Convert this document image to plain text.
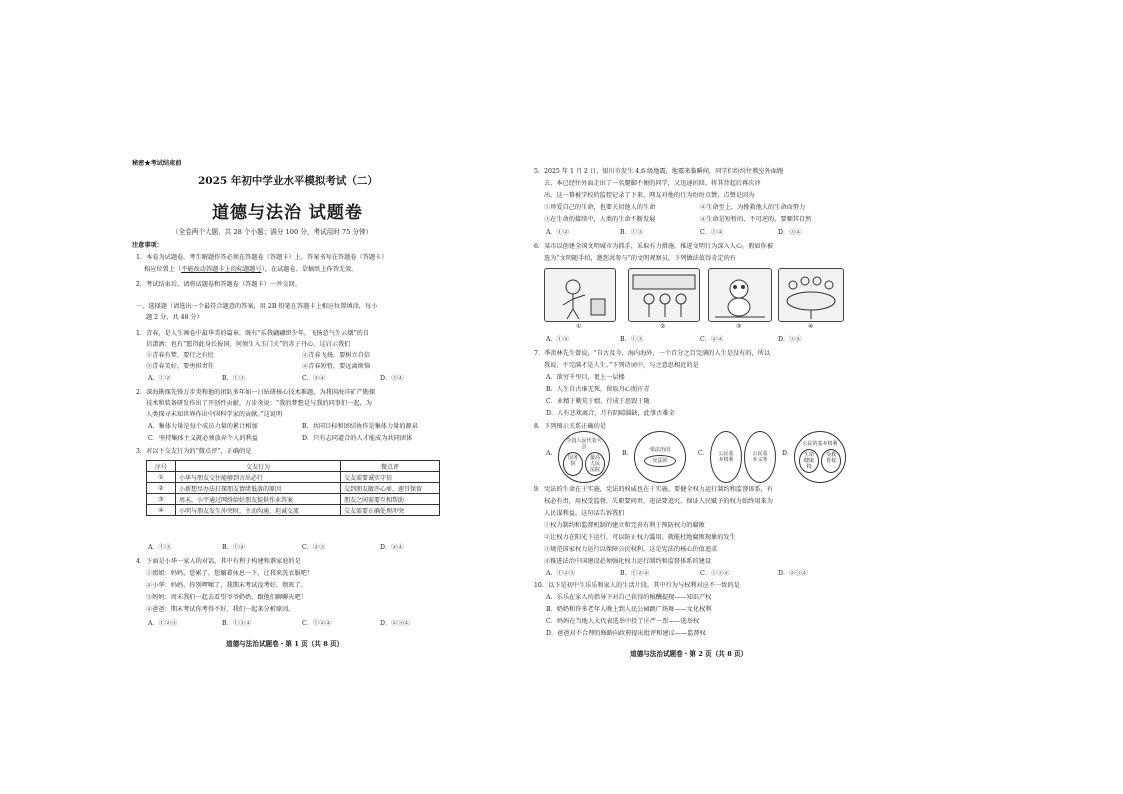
秘密★考试结束前
2025 年初中学业水平模拟考试（二）
道德与法治 试题卷
（全卷两个大题，共 28 个小题；满分 100 分，考试用时 75 分钟）
注意事项：
1．本卷为试题卷。考生解题作答必须在答题卷（答题卡）上。答案书写在答题卷（答题卡）
相应位置上（不能改动答题卡上的标题题号），在试题卷、草稿纸上作答无效。
2．考试结束后，请将试题卷和答题卷（答题卡）一并交回。
一、选择题（请选出一个最符合题意的答案，用 2B 铅笔在答题卡上相应位置填涂，每小
题 2 分，共 48 分）
1．青春，是人生画卷中最华美的篇章。既有“乐我翩翩织少年，飞扬意气生云烟”的自
信潇洒；也有“愿得此身长报国，何须生入玉门关”的赤子丹心。这启示我们
①青春有梦，要行之有肚	②青春飞扬，要树立自信
③青春美好，要勇担责任	④青春短暂，要远离烦恼
A．①②	B．①③	C．②④	D．③④
2．深海勘探先锋万步炎和他的团队多年如一日钻研核心技术难题，为我国海洋矿产勘探
技术和装备研发作出了开创性贡献。万步炎说：“我的梦想是与我的同事们一起，为
人类探寻未知世界作出中国科学家的贡献。”这说明
A．集体力量是每个成员力量的累计相加	B．共同目标和团结协作是集体力量的源泉
C．坚持集体主义就必须放弃个人的利益	D．只有志同道合的人才能成为共同团体
3．对以下交友行为的“微点评”，正确的是
序号	交友行为	微点评
①	小华与朋友交往能够到言出必行	交友需要诚实守信
②	小新想尽办法打探朋友情绪低落的原因	交到朋友敞开心扉、莲耳保留
③	周末，小宇通过网络给好朋友提供作业答案	朋友之间需要互相帮助
④	小明与朋友发生冲突时，主动沟通，坦诚交流	交友需要正确处理冲突
A．①③	B．①④	C．②③	D．②④
4．下面是小华一家人的对话，其中有利于构建和谐家庭的是
①姐姐：妈妈，您累了，您躺着休息一下，让我来洗衣服吧！
②小华：妈妈，你别啰嗦了，我期末考试没考好，烦死了。
③妈妈：周末我们一起去看望爷爷奶奶，跟他们聊聊天吧！
④爸爸：期末考试你考得不好，我们一起来分析原因。
A．①②③	B．①③④	C．①②④	D．②③④
道德与法治试题卷・第 1 页（共 8 页）
5．2025 年 1 月 2 日，银川市发生 4.6 级地震，地震来临瞬间，同学们纷纷往教室外面跑
去，本已经往外面走出了一名腿脚不便的同学，又迅速折回，将其背起后再次冲
出，这一幕被学校的监控记录了下来，网友对他的行为纷纷点赞，点赞是因为
①珍爱自己的生命，也要关切他人的生命	②生命至上，为挽救他人的生命而努力
③在生命的接续中，人类的生命不断发展	④生命是短暂的、不可逆的，要顺其自然
A．①②	B．①③	C．①④	D．③④
6．某市以创建全国文明城市为抓手，采取有力措施，推进文明行为深入人心。假如你被
选为“文明随手拍，邀您共参与”的文明观察员，下列做法值得肯定的有
①	②	③	④
A．①②	B．①③	C．②④	D．③④
7．季羡林先生曾说，“自古及今，海内海外，一个百分之百完满的人生是没有的，所以
我说，不完满才是人生。”下列诗词中，与之意思相近的是
A．欲穷千里目，更上一层楼
B．人生自古谁无死，留取丹心照汗青
C．业精于勤荒于嬉，行成于思毁于随
D．人有悲欢离合，月有阴晴圆缺，此事古难全
8．下列图示关系正确的是
A．
全国人民代表大会
国务院
最高人民法院
B．	依法治国
宪法的
C． 公民基本权利
公民基本义务
D．
公民的基本权利
生命健康权
受教育权
9．宪法的生命在于实施，宪法的权威也在于实施。要健全权力运行制约和监督体系，有
权必有责，用权受监督，失职要问责，违法要追究，保证人民赋予的权力始终用来为
人民谋利益。这句话告诉我们
①权力制约和监督机制的建立和完善有利于预防权力的腐败
②让权力在阳光下运行，可以防止权力滥用，就能杜绝腐败现象的发生
③规范国家权力运行以保障公民权利，这是宪法的核心价值追求
④推进法治中国建设必须强化权力运行制约和监督体系的建设
A．①②③	B．①②④	C．①③④	D．②③④
10．以下是初中生乐乐和家人的生活片段，其中行为与权利对应不一致的是
A．乐乐在家人的指导下对自己获得的稿酬提现——知识产权
B．奶奶和许多老年人晚上到人民公园跳广场舞——文化权利
C．妈妈在当地人大代表选举中投了庄严一票——选举权
D．爸爸对不合理的修路向政府提出批评和建议——监督权
道德与法治试题卷・第 2 页（共 8 页）
